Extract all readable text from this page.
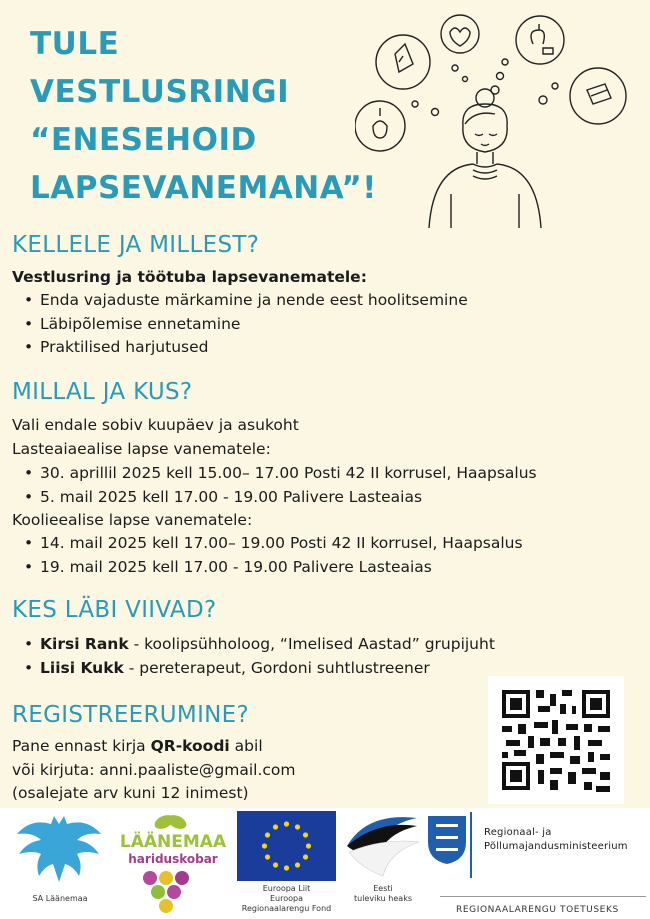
TULE
VESTLUSRINGI
“ENESEHOID
LAPSEVANEMANA”!
KELLELE JA MILLEST?
Vestlusring ja töötuba lapsevanematele:
• Enda vajaduste märkamine ja nende eest hoolitsemine
• Läbipõlemise ennetamine
• Praktilised harjutused
MILLAL JA KUS?
Vali endale sobiv kuupäev ja asukoht
Lasteaiaealise lapse vanematele:
• 30. aprillil 2025 kell 15.00– 17.00 Posti 42 II korrusel, Haapsalus
• 5. mail 2025 kell 17.00 - 19.00 Palivere Lasteaias
Koolieealise lapse vanematele:
• 14. mail 2025 kell 17.00– 19.00 Posti 42 II korrusel, Haapsalus
• 19. mail 2025 kell 17.00 - 19.00 Palivere Lasteaias
KES LÄBI VIIVAD?
• Kirsi Rank - koolipsühholoog, “Imelised Aastad” grupijuht
• Liisi Kukk - pereterapeut, Gordoni suhtlustreener
REGISTREERUMINE?
Pane ennast kirja QR-koodi abil
või kirjuta: anni.paaliste@gmail.com
(osalejate arv kuni 12 inimest)
SA Läänemaa
LÄÄNEMAA
hariduskobar
Euroopa Liit
Euroopa
Regionaalarengu Fond
Eesti
tuleviku heaks
Regionaal- ja
Põllumajandusministeerium
REGIONAALARENGU TOETUSEKS
